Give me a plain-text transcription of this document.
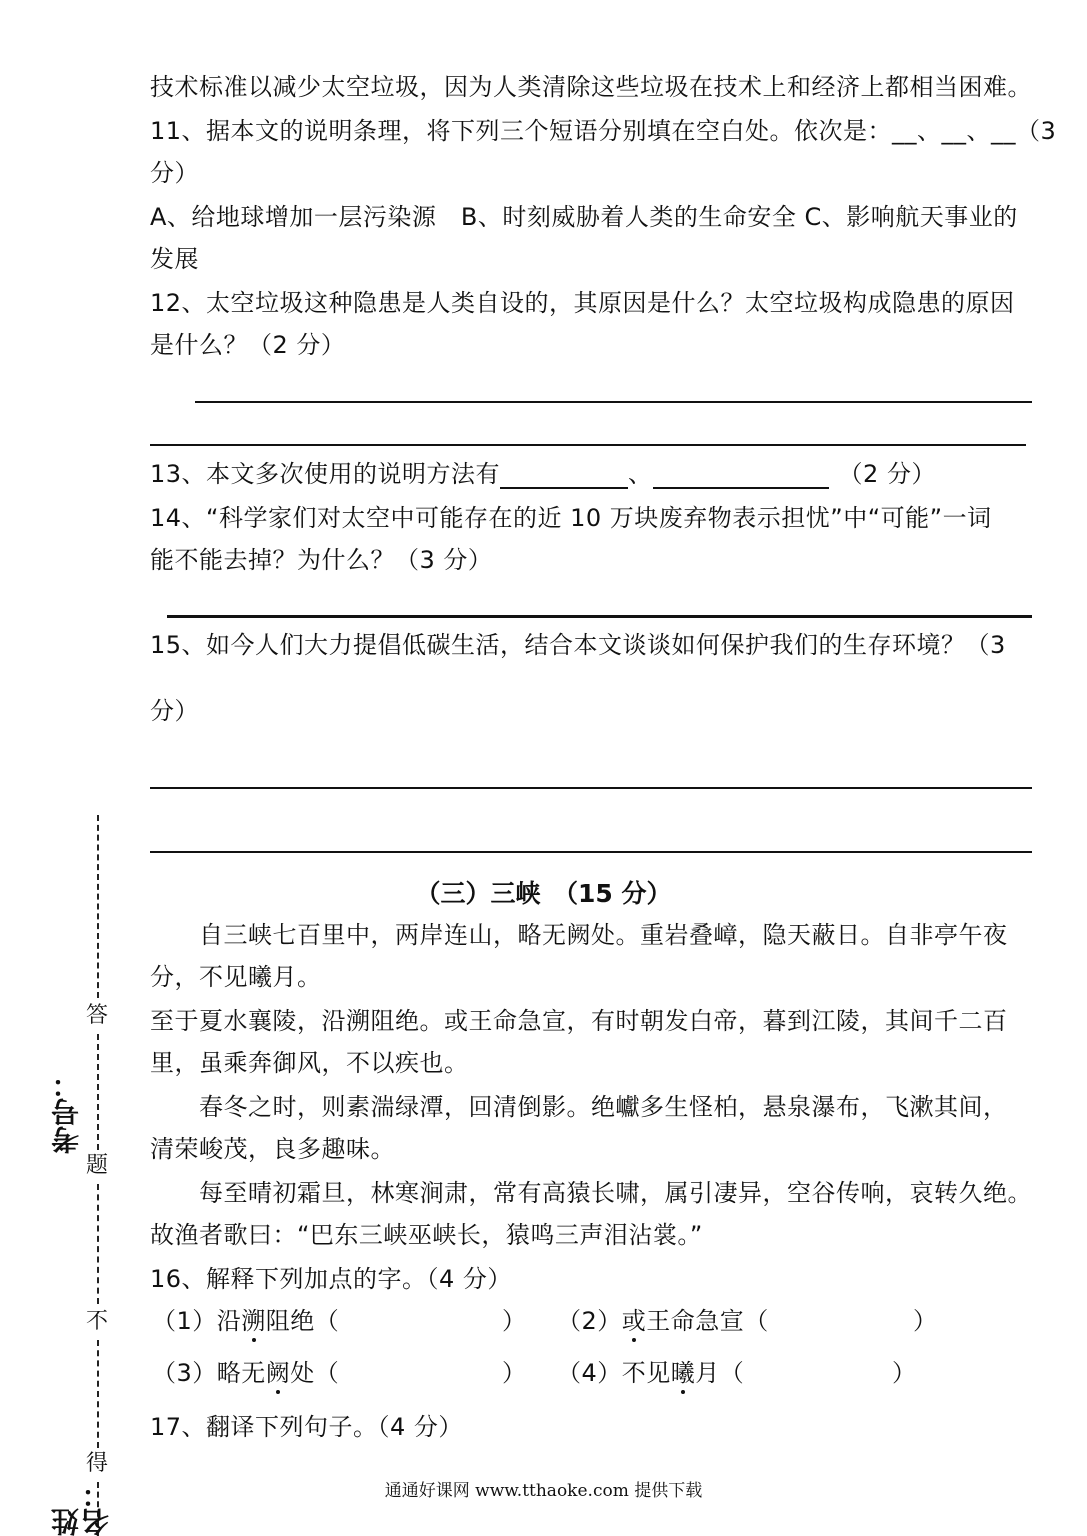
技术标准以减少太空垃圾，因为人类清除这些垃圾在技术上和经济上都相当困难。
11、据本文的说明条理，将下列三个短语分别填在空白处。依次是：__、__、__（3
分）
A、给地球增加一层污染源　B、时刻威胁着人类的生命安全 C、影响航天事业的
发展
12、太空垃圾这种隐患是人类自设的，其原因是什么？太空垃圾构成隐患的原因
是什么？（2 分）
13、本文多次使用的说明方法有	、	（2 分）
14、“科学家们对太空中可能存在的近 10 万块废弃物表示担忧”中“可能”一词
能不能去掉？为什么？（3 分）
15、如今人们大力提倡低碳生活，结合本文谈谈如何保护我们的生存环境？（3
分）
（三）三峡　（15 分）
　　自三峡七百里中，两岸连山，略无阙处。重岩叠嶂，隐天蔽日。自非亭午夜
分，不见曦月。
至于夏水襄陵，沿溯阻绝。或王命急宣，有时朝发白帝，暮到江陵，其间千二百
里，虽乘奔御风，不以疾也。
　　春冬之时，则素湍绿潭，回清倒影。绝巘多生怪柏，悬泉瀑布，飞漱其间，
清荣峻茂，良多趣味。
　　每至晴初霜旦，林寒涧肃，常有高猿长啸，属引凄异，空谷传响，哀转久绝。
故渔者歌曰：“巴东三峡巫峡长，猿鸣三声泪沾裳。”
16、解释下列加点的字。（4 分）
（1）沿溯阻绝（	） （2）或王命急宣（	）
（3）略无阙处（	） （4）不见曦月（	）
17、翻译下列句子。（4 分）
答
题
不
得
考号：
姓名：	通通好课网 www.tthaoke.com 提供下载
